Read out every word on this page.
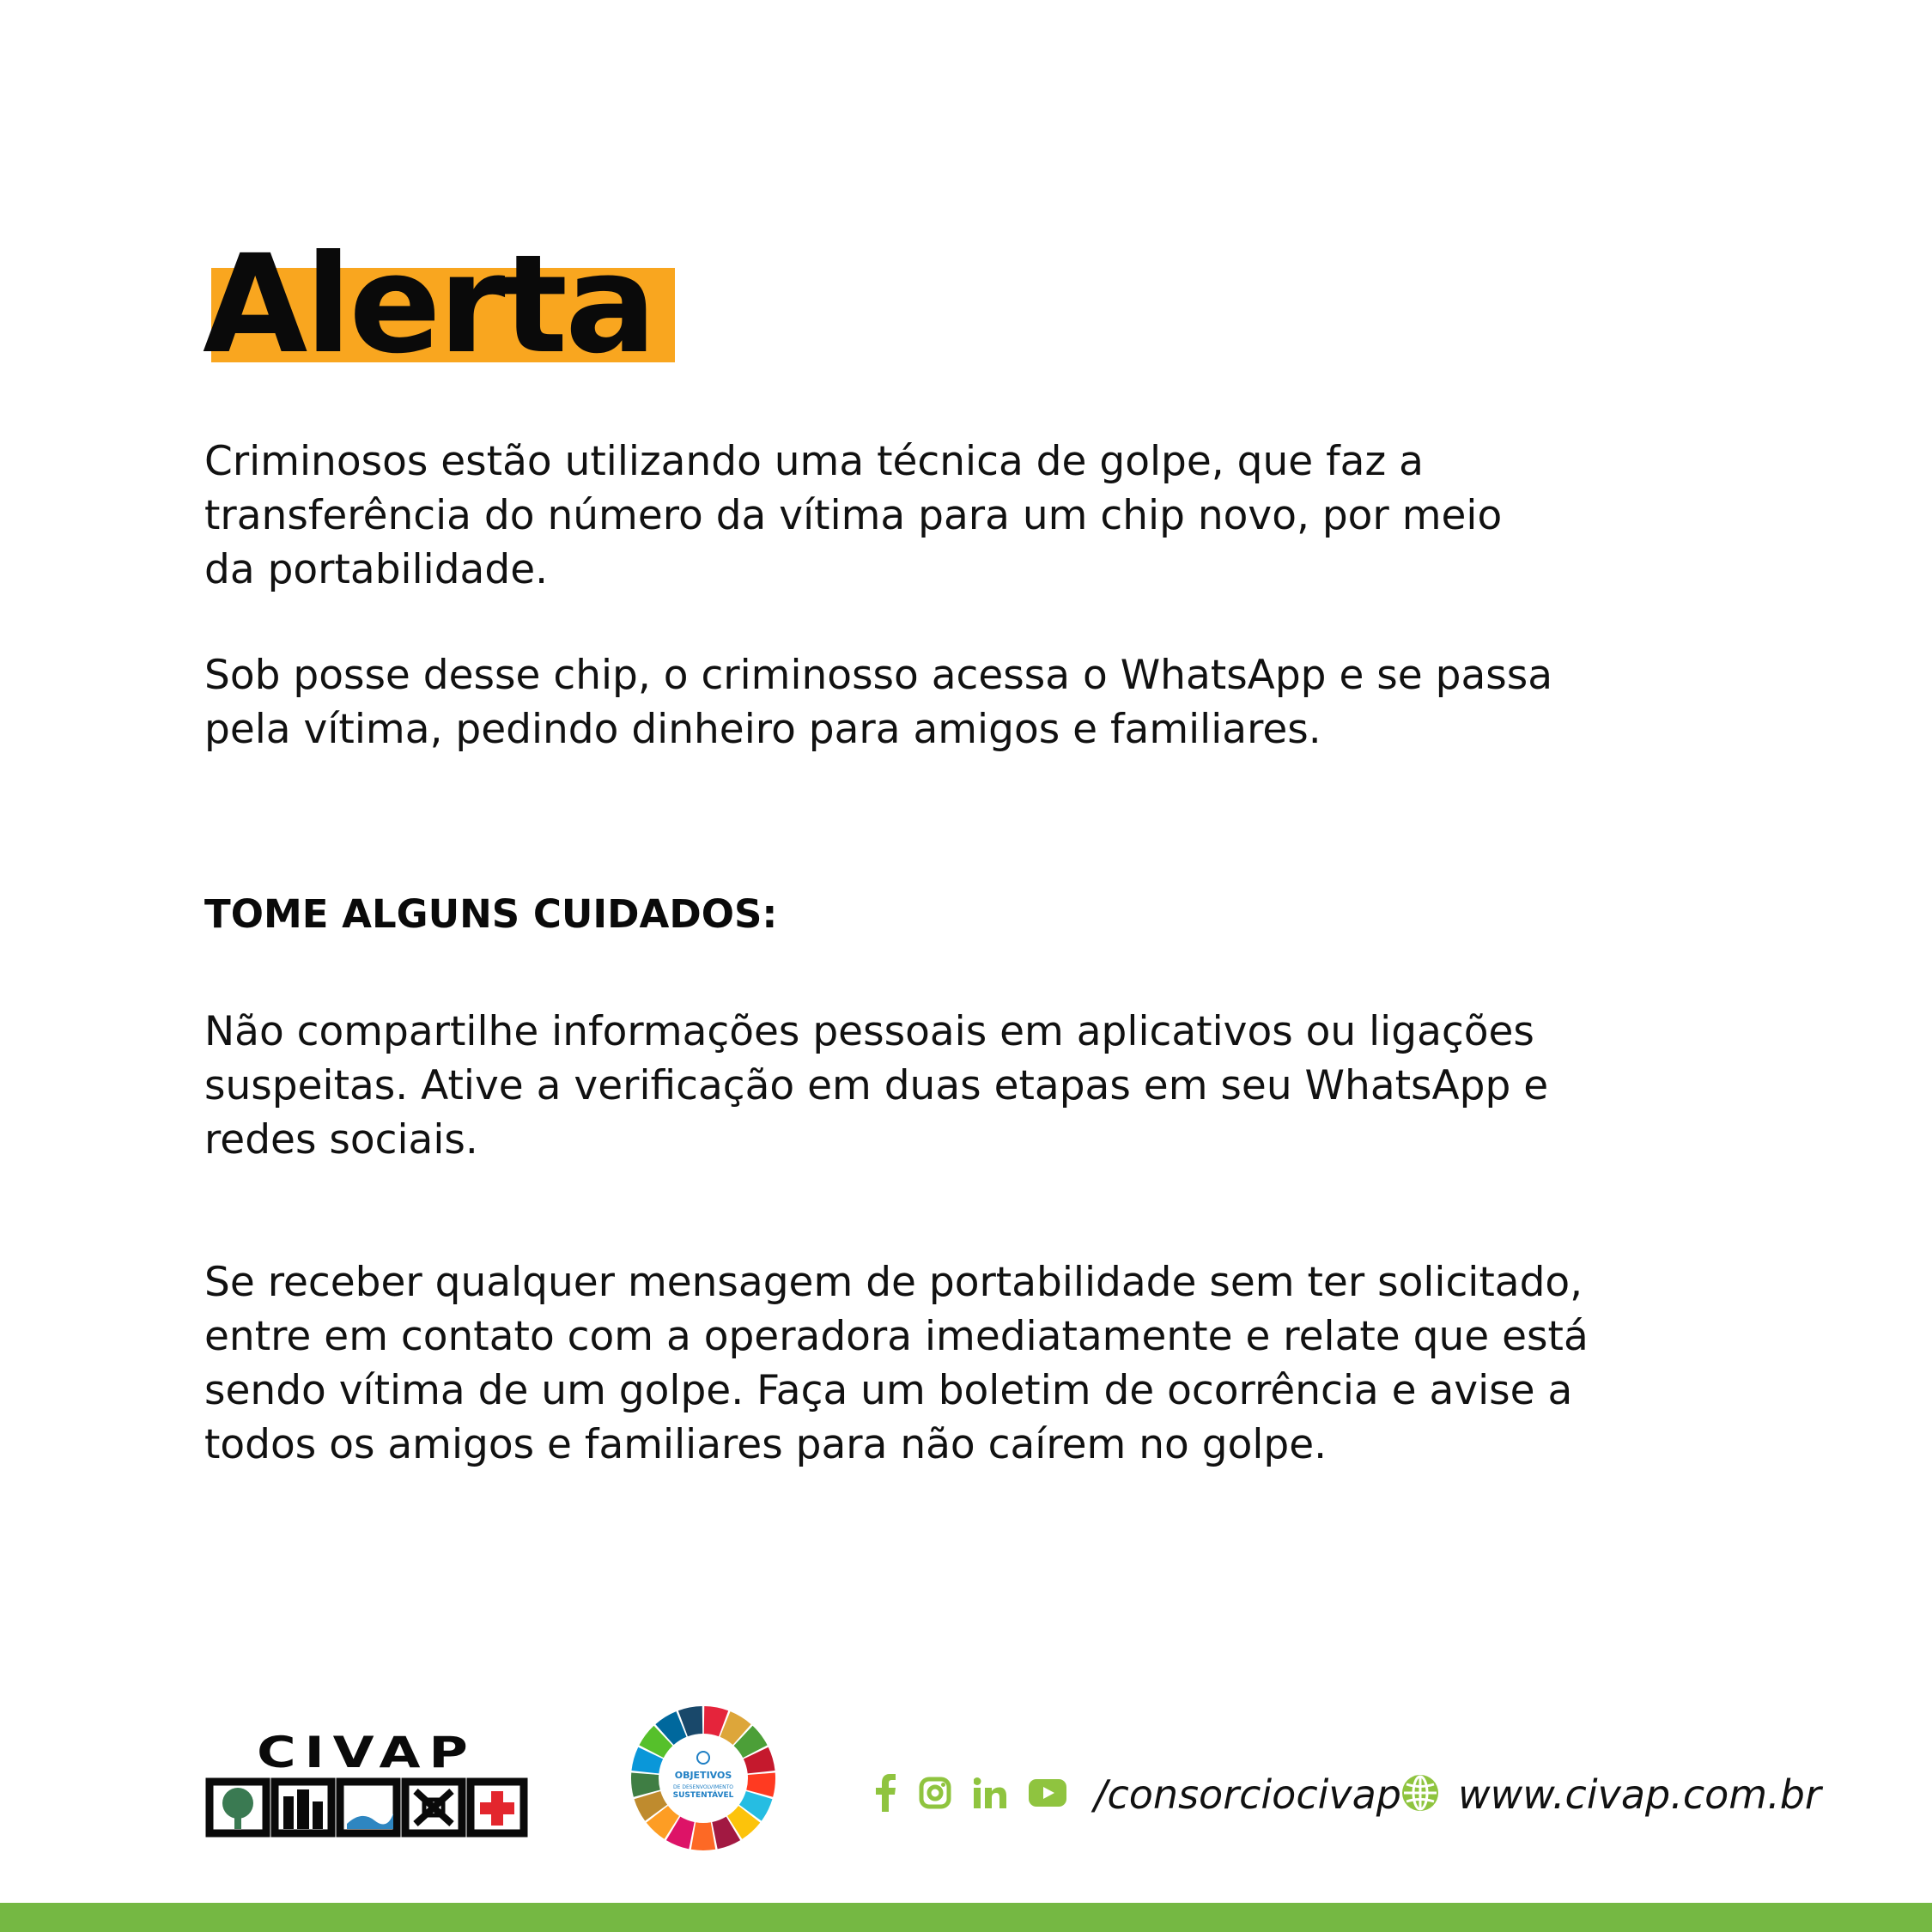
Alerta
Criminosos estão utilizando uma técnica de golpe, que faz a
transferência do número da vítima para um chip novo, por meio
da portabilidade.
Sob posse desse chip, o criminosso acessa o WhatsApp e se passa
pela vítima, pedindo dinheiro para amigos e familiares.
TOME ALGUNS CUIDADOS:
Não compartilhe informações pessoais em aplicativos ou ligações
suspeitas. Ative a verificação em duas etapas em seu WhatsApp e
redes sociais.
Se receber qualquer mensagem de portabilidade sem ter solicitado,
entre em contato com a operadora imediatamente e relate que está
sendo vítima de um golpe. Faça um boletim de ocorrência e avise a
todos os amigos e familiares para não caírem no golpe.
CIVAP	OBJETIVOS
DE DESENVOLVIMENTO
SUSTENTÁVEL	/consorciocivap www.civap.com.br
